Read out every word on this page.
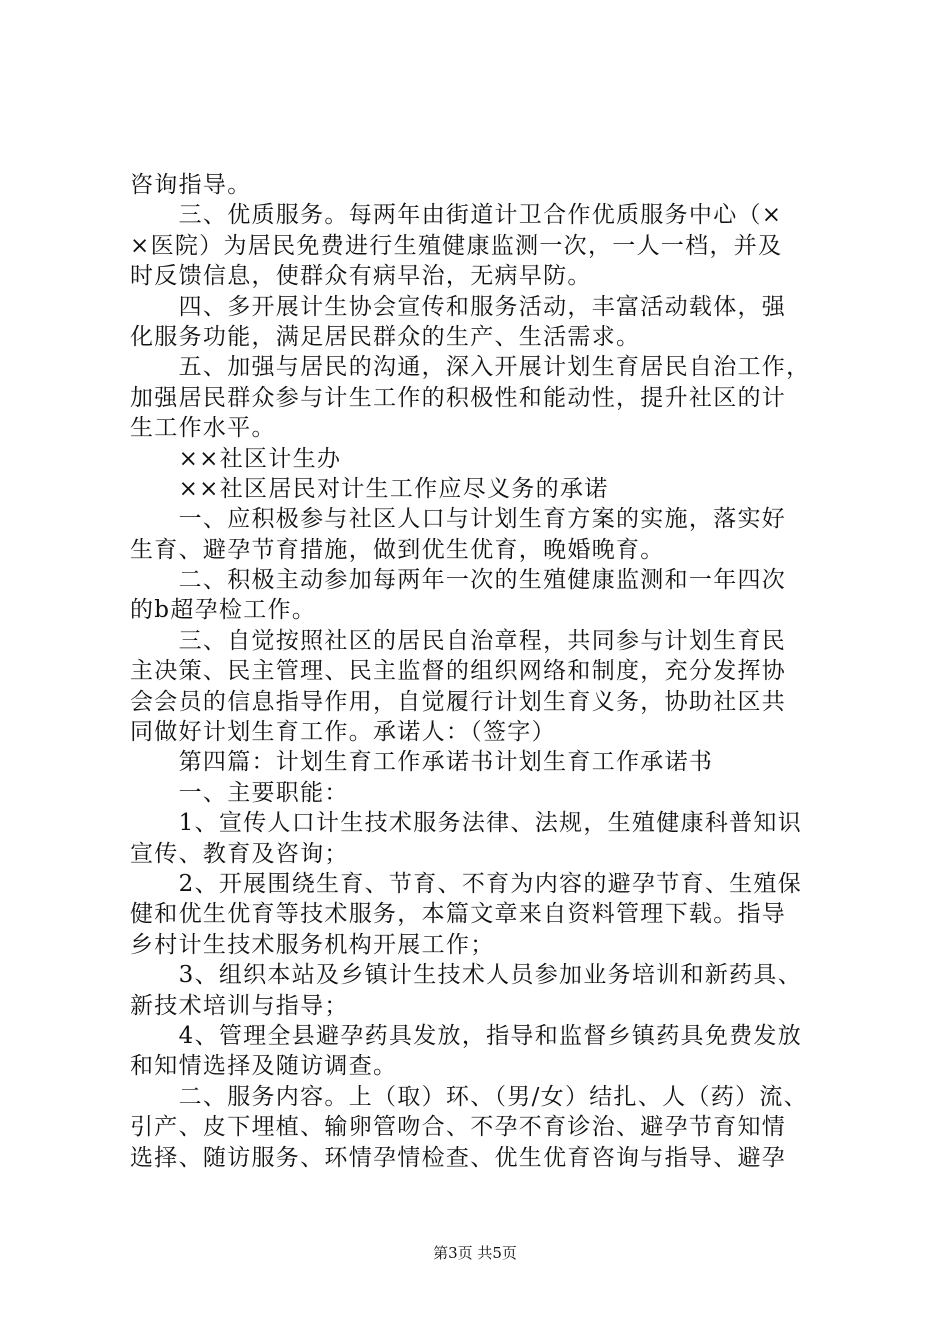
咨询指导。
　　三、优质服务。每两年由街道计卫合作优质服务中心（×
×医院）为居民免费进行生殖健康监测一次，一人一档，并及
时反馈信息，使群众有病早治，无病早防。
　　四、多开展计生协会宣传和服务活动，丰富活动载体，强
化服务功能，满足居民群众的生产、生活需求。
　　五、加强与居民的沟通，深入开展计划生育居民自治工作，
加强居民群众参与计生工作的积极性和能动性，提升社区的计
生工作水平。
　　××社区计生办
　　××社区居民对计生工作应尽义务的承诺
　　一、应积极参与社区人口与计划生育方案的实施，落实好
生育、避孕节育措施，做到优生优育，晚婚晚育。
　　二、积极主动参加每两年一次的生殖健康监测和一年四次
的b超孕检工作。
　　三、自觉按照社区的居民自治章程，共同参与计划生育民
主决策、民主管理、民主监督的组织网络和制度，充分发挥协
会会员的信息指导作用，自觉履行计划生育义务，协助社区共
同做好计划生育工作。承诺人：（签字）
　　第四篇：计划生育工作承诺书计划生育工作承诺书
　　一、主要职能：
　　1、宣传人口计生技术服务法律、法规，生殖健康科普知识
宣传、教育及咨询；
　　2、开展围绕生育、节育、不育为内容的避孕节育、生殖保
健和优生优育等技术服务，本篇文章来自资料管理下载。指导
乡村计生技术服务机构开展工作；
　　3、组织本站及乡镇计生技术人员参加业务培训和新药具、
新技术培训与指导；
　　4、管理全县避孕药具发放，指导和监督乡镇药具免费发放
和知情选择及随访调查。
　　二、服务内容。上（取）环、（男/女）结扎、人（药）流、
引产、皮下埋植、输卵管吻合、不孕不育诊治、避孕节育知情
选择、随访服务、环情孕情检查、优生优育咨询与指导、避孕
第3页 共5页
